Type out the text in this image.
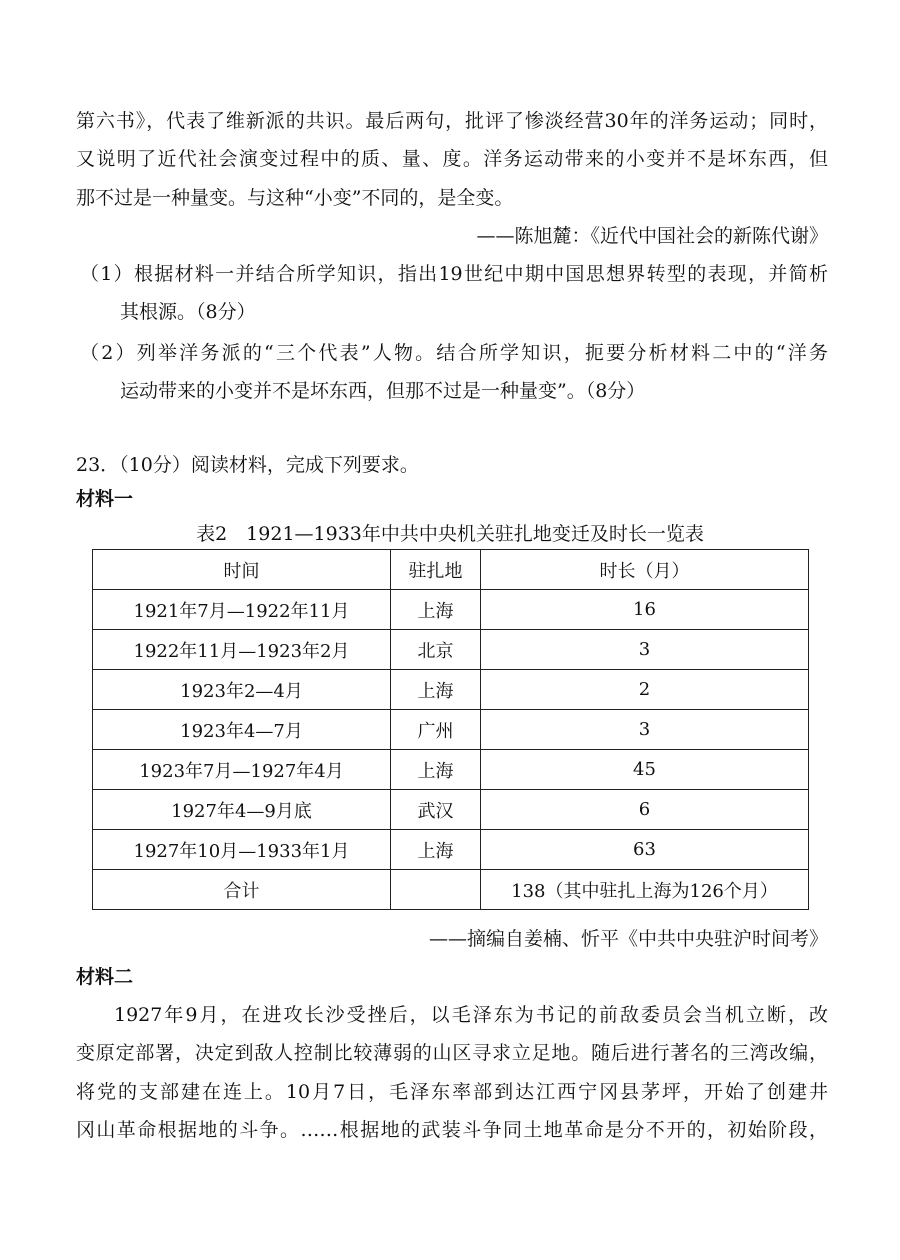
第六书》，代表了维新派的共识。最后两句，批评了惨淡经营30年的洋务运动；同时，
又说明了近代社会演变过程中的质、量、度。洋务运动带来的小变并不是坏东西，但
那不过是一种量变。与这种“小变”不同的，是全变。
——陈旭麓：《近代中国社会的新陈代谢》
（1）根据材料一并结合所学知识，指出19世纪中期中国思想界转型的表现，并简析
其根源。（8分）
（2）列举洋务派的“三个代表”人物。结合所学知识，扼要分析材料二中的“洋务
运动带来的小变并不是坏东西，但那不过是一种量变”。（8分）
23．（10分）阅读材料，完成下列要求。
材料一
表2　1921—1933年中共中央机关驻扎地变迁及时长一览表
时间	驻扎地	时长（月）
1921年7月—1922年11月	上海	16
1922年11月—1923年2月	北京	3
1923年2—4月	上海	2
1923年4—7月	广州	3
1923年7月—1927年4月	上海	45
1927年4—9月底	武汉	6
1927年10月—1933年1月	上海	63
合计		138（其中驻扎上海为126个月）
——摘编自姜楠、忻平《中共中央驻沪时间考》
材料二
1927年9月，在进攻长沙受挫后，以毛泽东为书记的前敌委员会当机立断，改
变原定部署，决定到敌人控制比较薄弱的山区寻求立足地。随后进行著名的三湾改编，
将党的支部建在连上。10月7日，毛泽东率部到达江西宁冈县茅坪，开始了创建井
冈山革命根据地的斗争。……根据地的武装斗争同土地革命是分不开的，初始阶段，
